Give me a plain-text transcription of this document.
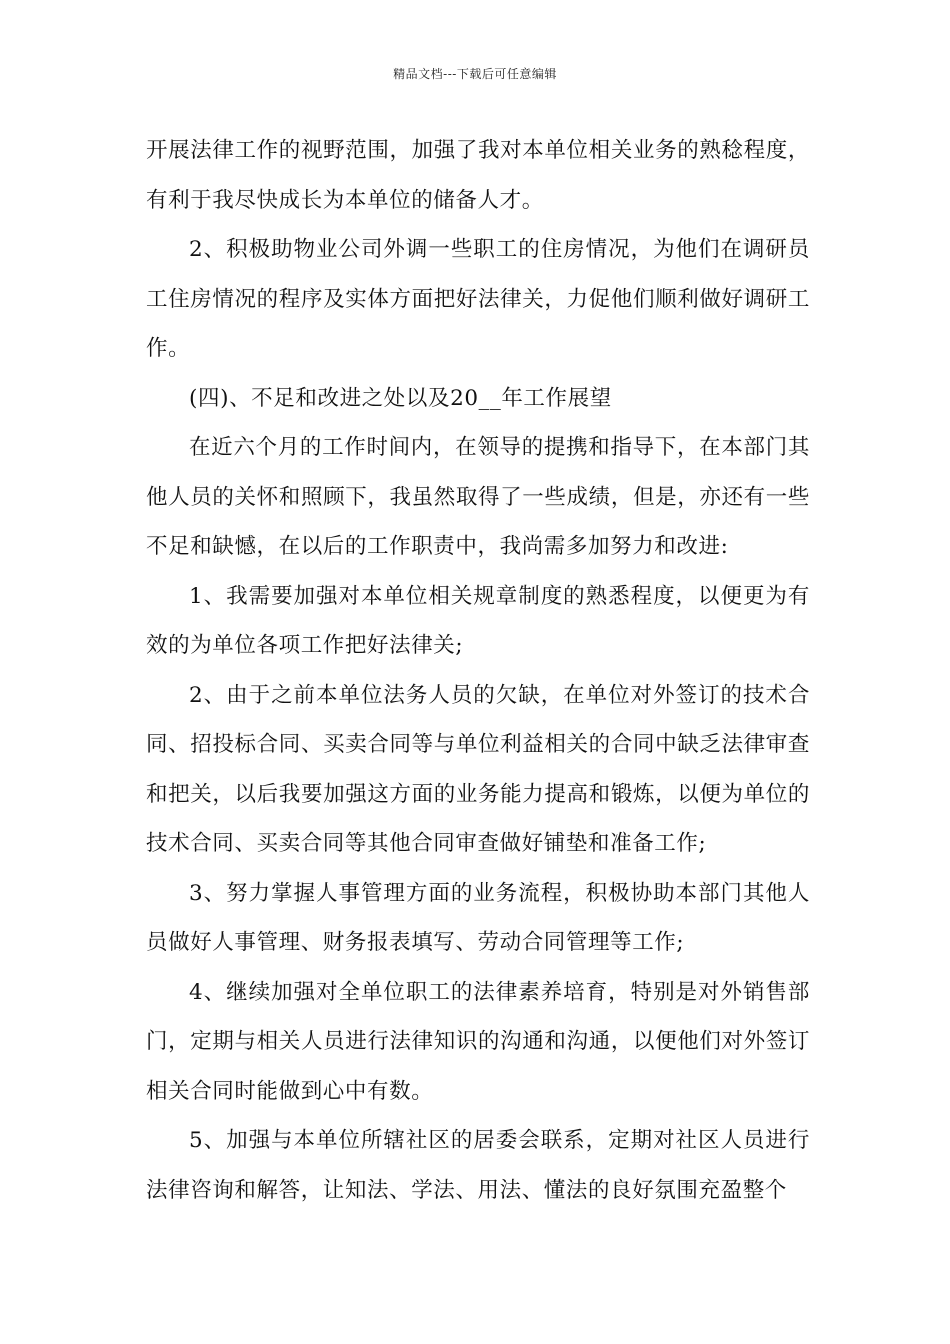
精品文档---下载后可任意编辑

开展法律工作的视野范围，加强了我对本单位相关业务的熟稔程度，有利于我尽快成长为本单位的储备人才。

2、积极助物业公司外调一些职工的住房情况，为他们在调研员工住房情况的程序及实体方面把好法律关，力促他们顺利做好调研工作。

(四)、不足和改进之处以及20__年工作展望

在近六个月的工作时间内，在领导的提携和指导下，在本部门其他人员的关怀和照顾下，我虽然取得了一些成绩，但是，亦还有一些不足和缺憾，在以后的工作职责中，我尚需多加努力和改进:

1、我需要加强对本单位相关规章制度的熟悉程度，以便更为有效的为单位各项工作把好法律关;

2、由于之前本单位法务人员的欠缺，在单位对外签订的技术合同、招投标合同、买卖合同等与单位利益相关的合同中缺乏法律审查和把关，以后我要加强这方面的业务能力提高和锻炼，以便为单位的技术合同、买卖合同等其他合同审查做好铺垫和准备工作;

3、努力掌握人事管理方面的业务流程，积极协助本部门其他人员做好人事管理、财务报表填写、劳动合同管理等工作;

4、继续加强对全单位职工的法律素养培育，特别是对外销售部门，定期与相关人员进行法律知识的沟通和沟通，以便他们对外签订相关合同时能做到心中有数。

5、加强与本单位所辖社区的居委会联系，定期对社区人员进行法律咨询和解答，让知法、学法、用法、懂法的良好氛围充盈整个
